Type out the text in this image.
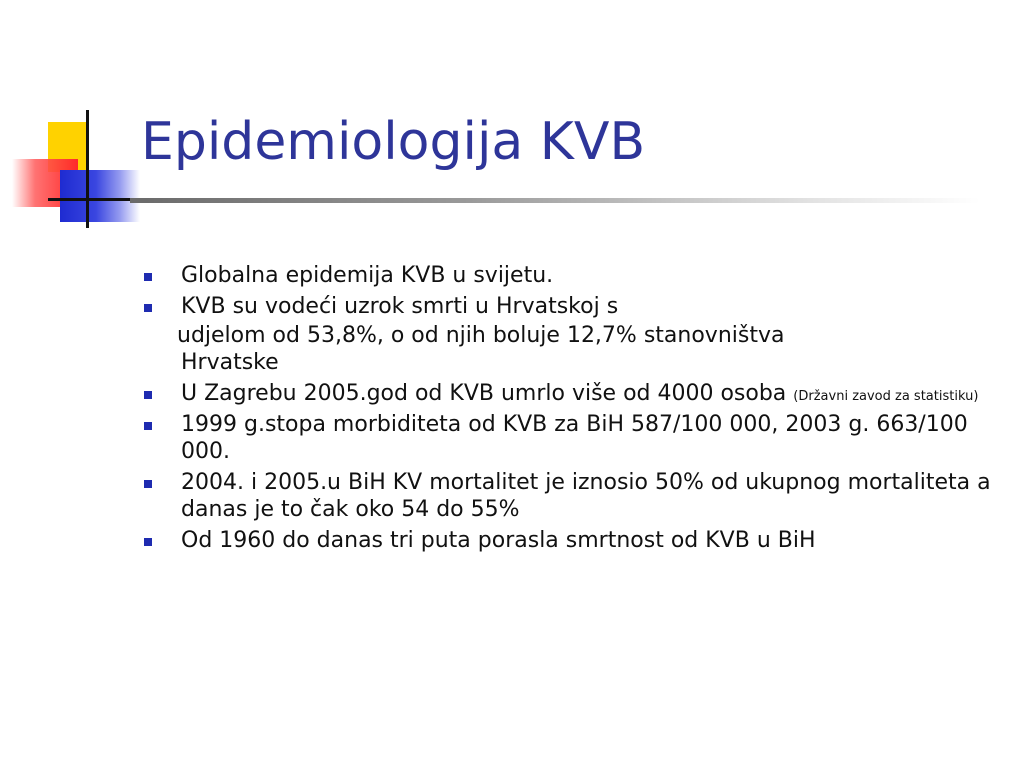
Epidemiologija KVB
Globalna epidemija KVB u svijetu.
KVB su vodeći uzrok smrti u Hrvatskoj s
udjelom od 53,8%, o od njih boluje 12,7% stanovništva
Hrvatske
U Zagrebu 2005.god od KVB umrlo više od 4000 osoba (Državni zavod za statistiku)
1999 g.stopa morbiditeta od KVB za BiH 587/100 000, 2003 g. 663/100 000.
2004. i 2005.u BiH KV mortalitet je iznosio 50% od ukupnog mortaliteta a danas je to čak oko 54 do 55%
Od 1960 do danas tri puta porasla smrtnost od KVB u BiH
